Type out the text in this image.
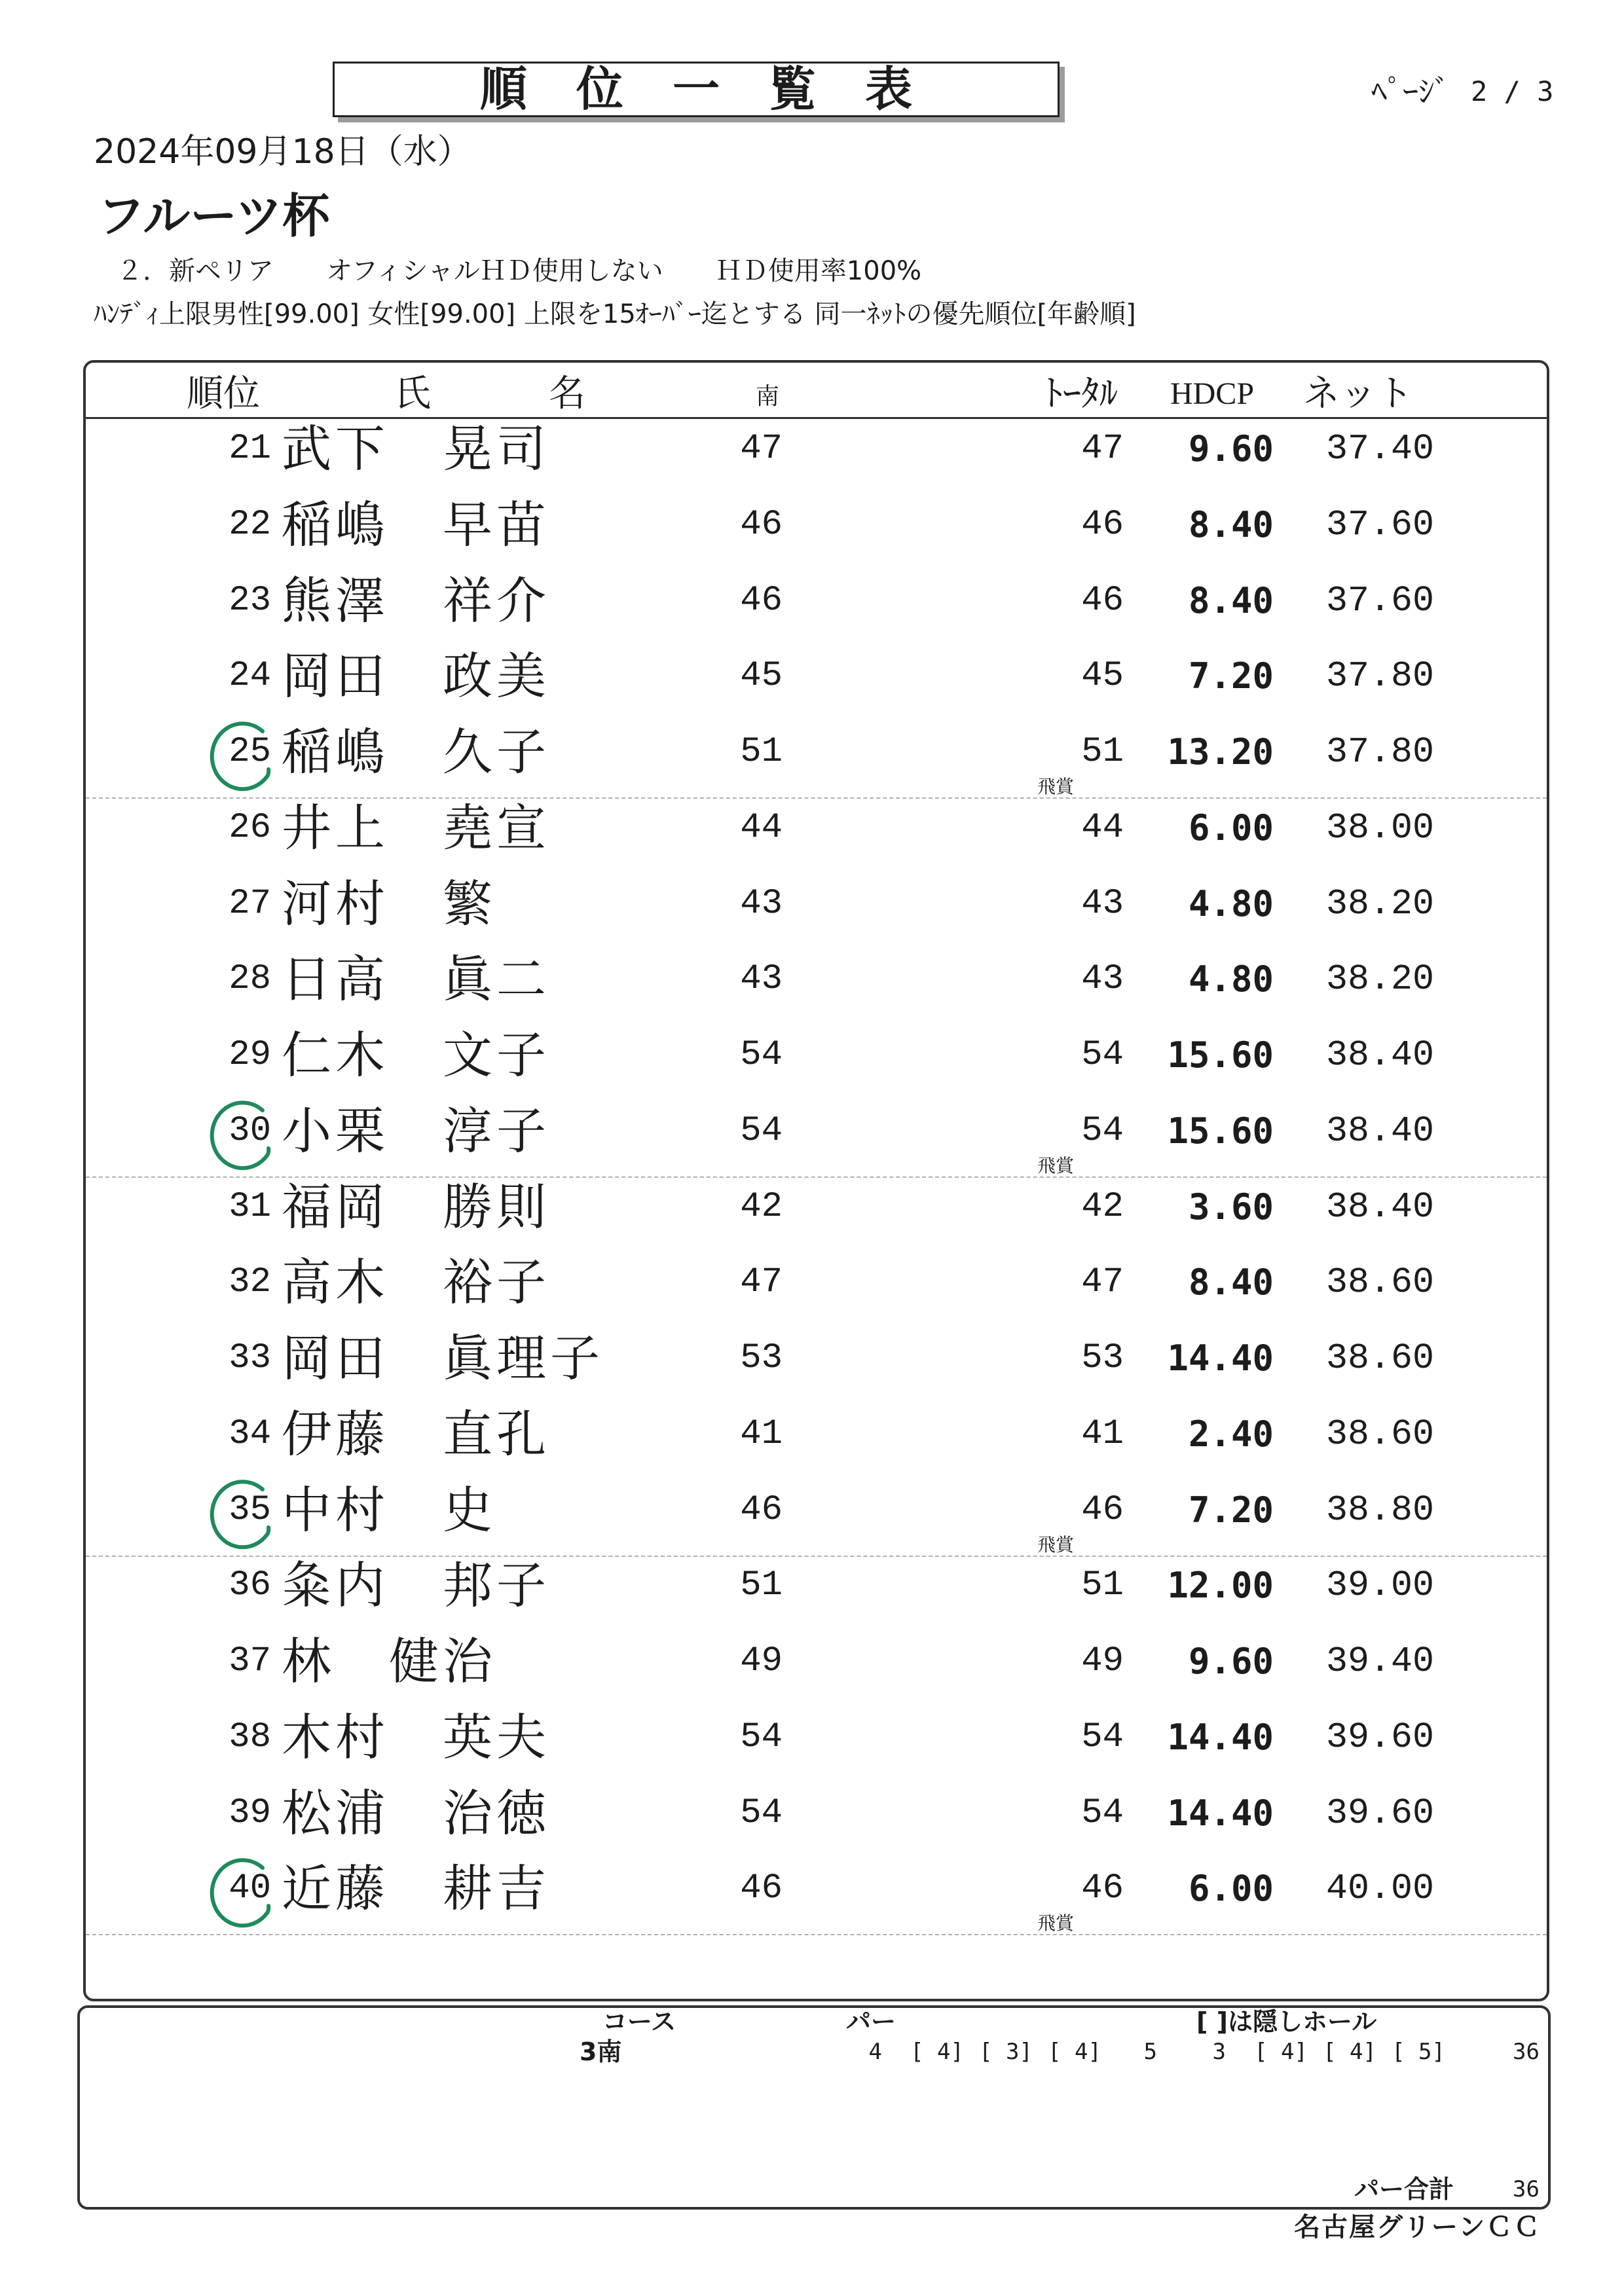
順 位 一 覧 表	ﾍﾟｰｼﾞ 2 / 3
2024年09月18日（水）
フルーツ杯
２．新ペリア　　オフィシャルＨＤ使用しない　　ＨＤ使用率100%
ﾊﾝﾃﾞｨ上限男性[99.00] 女性[99.00] 上限を15ｵｰﾊﾞｰ迄とする 同一ﾈｯﾄの優先順位[年齢順]
順位	氏	名	南	ﾄｰﾀﾙ HDCP ネット
21 武下　晃司	47	47	9.60	37.40
22 稲嶋　早苗	46	46	8.40	37.60
23 熊澤　祥介	46	46	8.40	37.60
24 岡田　政美	45	45	7.20	37.80
25 稲嶋　久子	51	51	13.20	37.80
飛賞
26 井上　堯宣	44	44	6.00	38.00
27 河村　繁	43	43	4.80	38.20
28 日高　眞二	43	43	4.80	38.20
29 仁木　文子	54	54	15.60	38.40
30 小栗　淳子	54	54	15.60	38.40
飛賞
31 福岡　勝則	42	42	3.60	38.40
32 高木　裕子	47	47	8.40	38.60
33 岡田　眞理子	53	53	14.40	38.60
34 伊藤　直孔	41	41	2.40	38.60
35 中村　史	46	46	7.20	38.80
飛賞
36 粂内　邦子	51	51	12.00	39.00
37 林　健治	49	49	9.60	39.40
38 木村　英夫	54	54	14.40	39.60
39 松浦　治徳	54	54	14.40	39.60
40 近藤　耕吉	46	46	6.00	40.00
飛賞
コース	パー	[ ]は隠しホール
3南	4	[ 4] [ 3] [ 4]	5	3	[ 4] [ 4] [ 5]	36
パー合計	36
名古屋グリーンＣＣ
